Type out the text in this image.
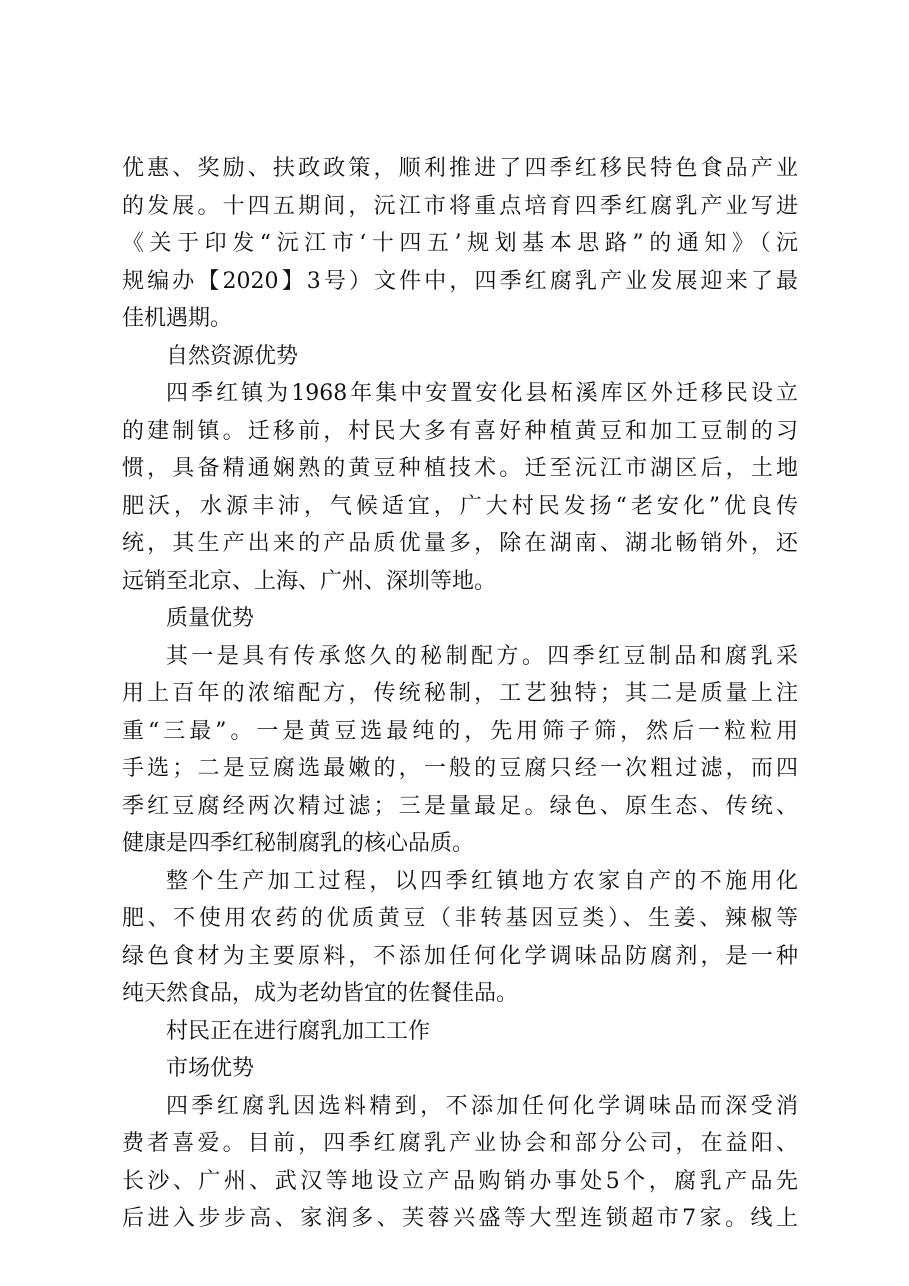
优惠、奖励、扶政政策，顺利推进了四季红移民特色食品产业
的发展。十四五期间，沅江市将重点培育四季红腐乳产业写进
《关于印发“沅江市‘十四五’规划基本思路”的通知》（沅
规编办【2020】3号）文件中，四季红腐乳产业发展迎来了最
佳机遇期。
自然资源优势
四季红镇为1968年集中安置安化县柘溪库区外迁移民设立
的建制镇。迁移前，村民大多有喜好种植黄豆和加工豆制的习
惯，具备精通娴熟的黄豆种植技术。迁至沅江市湖区后，土地
肥沃，水源丰沛，气候适宜，广大村民发扬“老安化”优良传
统，其生产出来的产品质优量多，除在湖南、湖北畅销外，还
远销至北京、上海、广州、深圳等地。
质量优势
其一是具有传承悠久的秘制配方。四季红豆制品和腐乳采
用上百年的浓缩配方，传统秘制，工艺独特；其二是质量上注
重“三最”。一是黄豆选最纯的，先用筛子筛，然后一粒粒用
手选；二是豆腐选最嫩的，一般的豆腐只经一次粗过滤，而四
季红豆腐经两次精过滤；三是量最足。绿色、原生态、传统、
健康是四季红秘制腐乳的核心品质。
整个生产加工过程，以四季红镇地方农家自产的不施用化
肥、不使用农药的优质黄豆（非转基因豆类）、生姜、辣椒等
绿色食材为主要原料，不添加任何化学调味品防腐剂，是一种
纯天然食品，成为老幼皆宜的佐餐佳品。
村民正在进行腐乳加工工作
市场优势
四季红腐乳因选料精到，不添加任何化学调味品而深受消
费者喜爱。目前，四季红腐乳产业协会和部分公司，在益阳、
长沙、广州、武汉等地设立产品购销办事处5个，腐乳产品先
后进入步步高、家润多、芙蓉兴盛等大型连锁超市7家。线上
